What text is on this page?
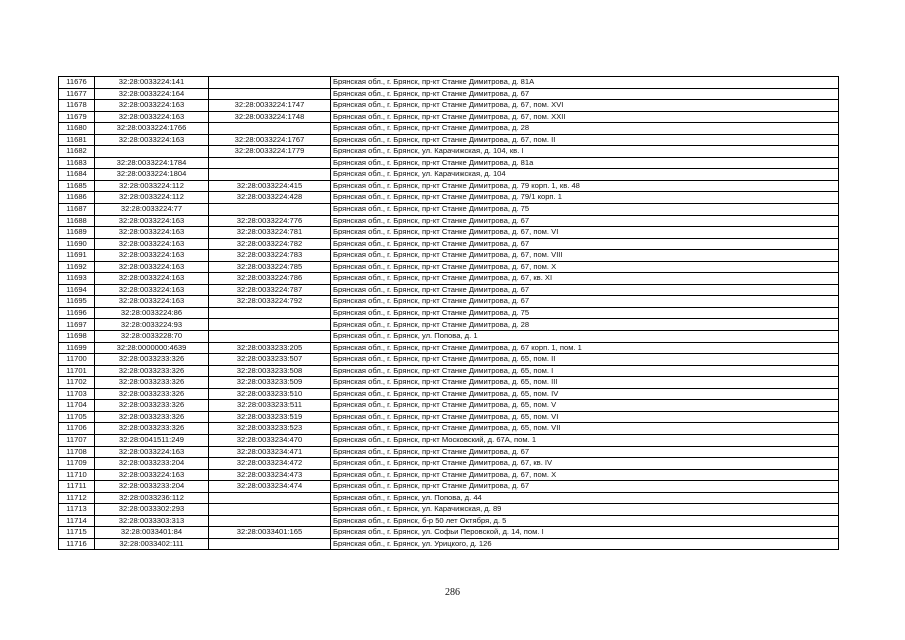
11676	32:28:0033224:141		Брянская обл., г. Брянск, пр-кт Станке Димитрова, д. 81А
11677	32:28:0033224:164		Брянская обл., г. Брянск, пр-кт Станке Димитрова, д. 67
11678	32:28:0033224:163	32:28:0033224:1747	Брянская обл., г. Брянск, пр-кт Станке Димитрова, д. 67, пом. XVI
11679	32:28:0033224:163	32:28:0033224:1748	Брянская обл., г. Брянск, пр-кт Станке Димитрова, д. 67, пом. XXII
11680	32:28:0033224:1766		Брянская обл., г. Брянск, пр-кт Станке Димитрова, д. 28
11681	32:28:0033224:163	32:28:0033224:1767	Брянская обл., г. Брянск, пр-кт Станке Димитрова, д. 67, пом. II
11682		32:28:0033224:1779	Брянская обл., г. Брянск, ул. Карачижская, д. 104, кв. I
11683	32:28:0033224:1784		Брянская обл., г. Брянск, пр-кт Станке Димитрова, д. 81а
11684	32:28:0033224:1804		Брянская обл., г. Брянск, ул. Карачижская, д. 104
11685	32:28:0033224:112	32:28:0033224:415	Брянская обл., г. Брянск, пр-кт Станке Димитрова, д. 79 корп. 1, кв. 48
11686	32:28:0033224:112	32:28:0033224:428	Брянская обл., г. Брянск, пр-кт Станке Димитрова, д. 79/1 корп. 1
11687	32:28:0033224:77		Брянская обл., г. Брянск, пр-кт Станке Димитрова, д. 75
11688	32:28:0033224:163	32:28:0033224:776	Брянская обл., г. Брянск, пр-кт Станке Димитрова, д. 67
11689	32:28:0033224:163	32:28:0033224:781	Брянская обл., г. Брянск, пр-кт Станке Димитрова, д. 67, пом. VI
11690	32:28:0033224:163	32:28:0033224:782	Брянская обл., г. Брянск, пр-кт Станке Димитрова, д. 67
11691	32:28:0033224:163	32:28:0033224:783	Брянская обл., г. Брянск, пр-кт Станке Димитрова, д. 67, пом. VIII
11692	32:28:0033224:163	32:28:0033224:785	Брянская обл., г. Брянск, пр-кт Станке Димитрова, д. 67, пом. X
11693	32:28:0033224:163	32:28:0033224:786	Брянская обл., г. Брянск, пр-кт Станке Димитрова, д. 67, кв. XI
11694	32:28:0033224:163	32:28:0033224:787	Брянская обл., г. Брянск, пр-кт Станке Димитрова, д. 67
11695	32:28:0033224:163	32:28:0033224:792	Брянская обл., г. Брянск, пр-кт Станке Димитрова, д. 67
11696	32:28:0033224:86		Брянская обл., г. Брянск, пр-кт Станке Димитрова, д. 75
11697	32:28:0033224:93		Брянская обл., г. Брянск, пр-кт Станке Димитрова, д. 28
11698	32:28:0033228:70		Брянская обл., г. Брянск, ул. Попова, д. 1
11699	32:28:0000000:4639	32:28:0033233:205	Брянская обл., г. Брянск, пр-кт Станке Димитрова, д. 67 корп. 1, пом. 1
11700	32:28:0033233:326	32:28:0033233:507	Брянская обл., г. Брянск, пр-кт Станке Димитрова, д. 65, пом. II
11701	32:28:0033233:326	32:28:0033233:508	Брянская обл., г. Брянск, пр-кт Станке Димитрова, д. 65, пом. I
11702	32:28:0033233:326	32:28:0033233:509	Брянская обл., г. Брянск, пр-кт Станке Димитрова, д. 65, пом. III
11703	32:28:0033233:326	32:28:0033233:510	Брянская обл., г. Брянск, пр-кт Станке Димитрова, д. 65, пом. IV
11704	32:28:0033233:326	32:28:0033233:511	Брянская обл., г. Брянск, пр-кт Станке Димитрова, д. 65, пом. V
11705	32:28:0033233:326	32:28:0033233:519	Брянская обл., г. Брянск, пр-кт Станке Димитрова, д. 65, пом. VI
11706	32:28:0033233:326	32:28:0033233:523	Брянская обл., г. Брянск, пр-кт Станке Димитрова, д. 65, пом. VII
11707	32:28:0041511:249	32:28:0033234:470	Брянская обл., г. Брянск, пр-кт Московский, д. 67А, пом. 1
11708	32:28:0033224:163	32:28:0033234:471	Брянская обл., г. Брянск, пр-кт Станке Димитрова, д. 67
11709	32:28:0033233:204	32:28:0033234:472	Брянская обл., г. Брянск, пр-кт Станке Димитрова, д. 67, кв. IV
11710	32:28:0033224:163	32:28:0033234:473	Брянская обл., г. Брянск, пр-кт Станке Димитрова, д. 67, пом. X
11711	32:28:0033233:204	32:28:0033234:474	Брянская обл., г. Брянск, пр-кт Станке Димитрова, д. 67
11712	32:28:0033236:112		Брянская обл., г. Брянск, ул. Попова, д. 44
11713	32:28:0033302:293		Брянская обл., г. Брянск, ул. Карачижская, д. 89
11714	32:28:0033303:313		Брянская обл., г. Брянск, б-р 50 лет Октября, д. 5
11715	32:28:0033401:84	32:28:0033401:165	Брянская обл., г. Брянск, ул. Софьи Перовской, д. 14, пом. I
11716	32:28:0033402:111		Брянская обл., г. Брянск, ул. Урицкого, д. 126
286
